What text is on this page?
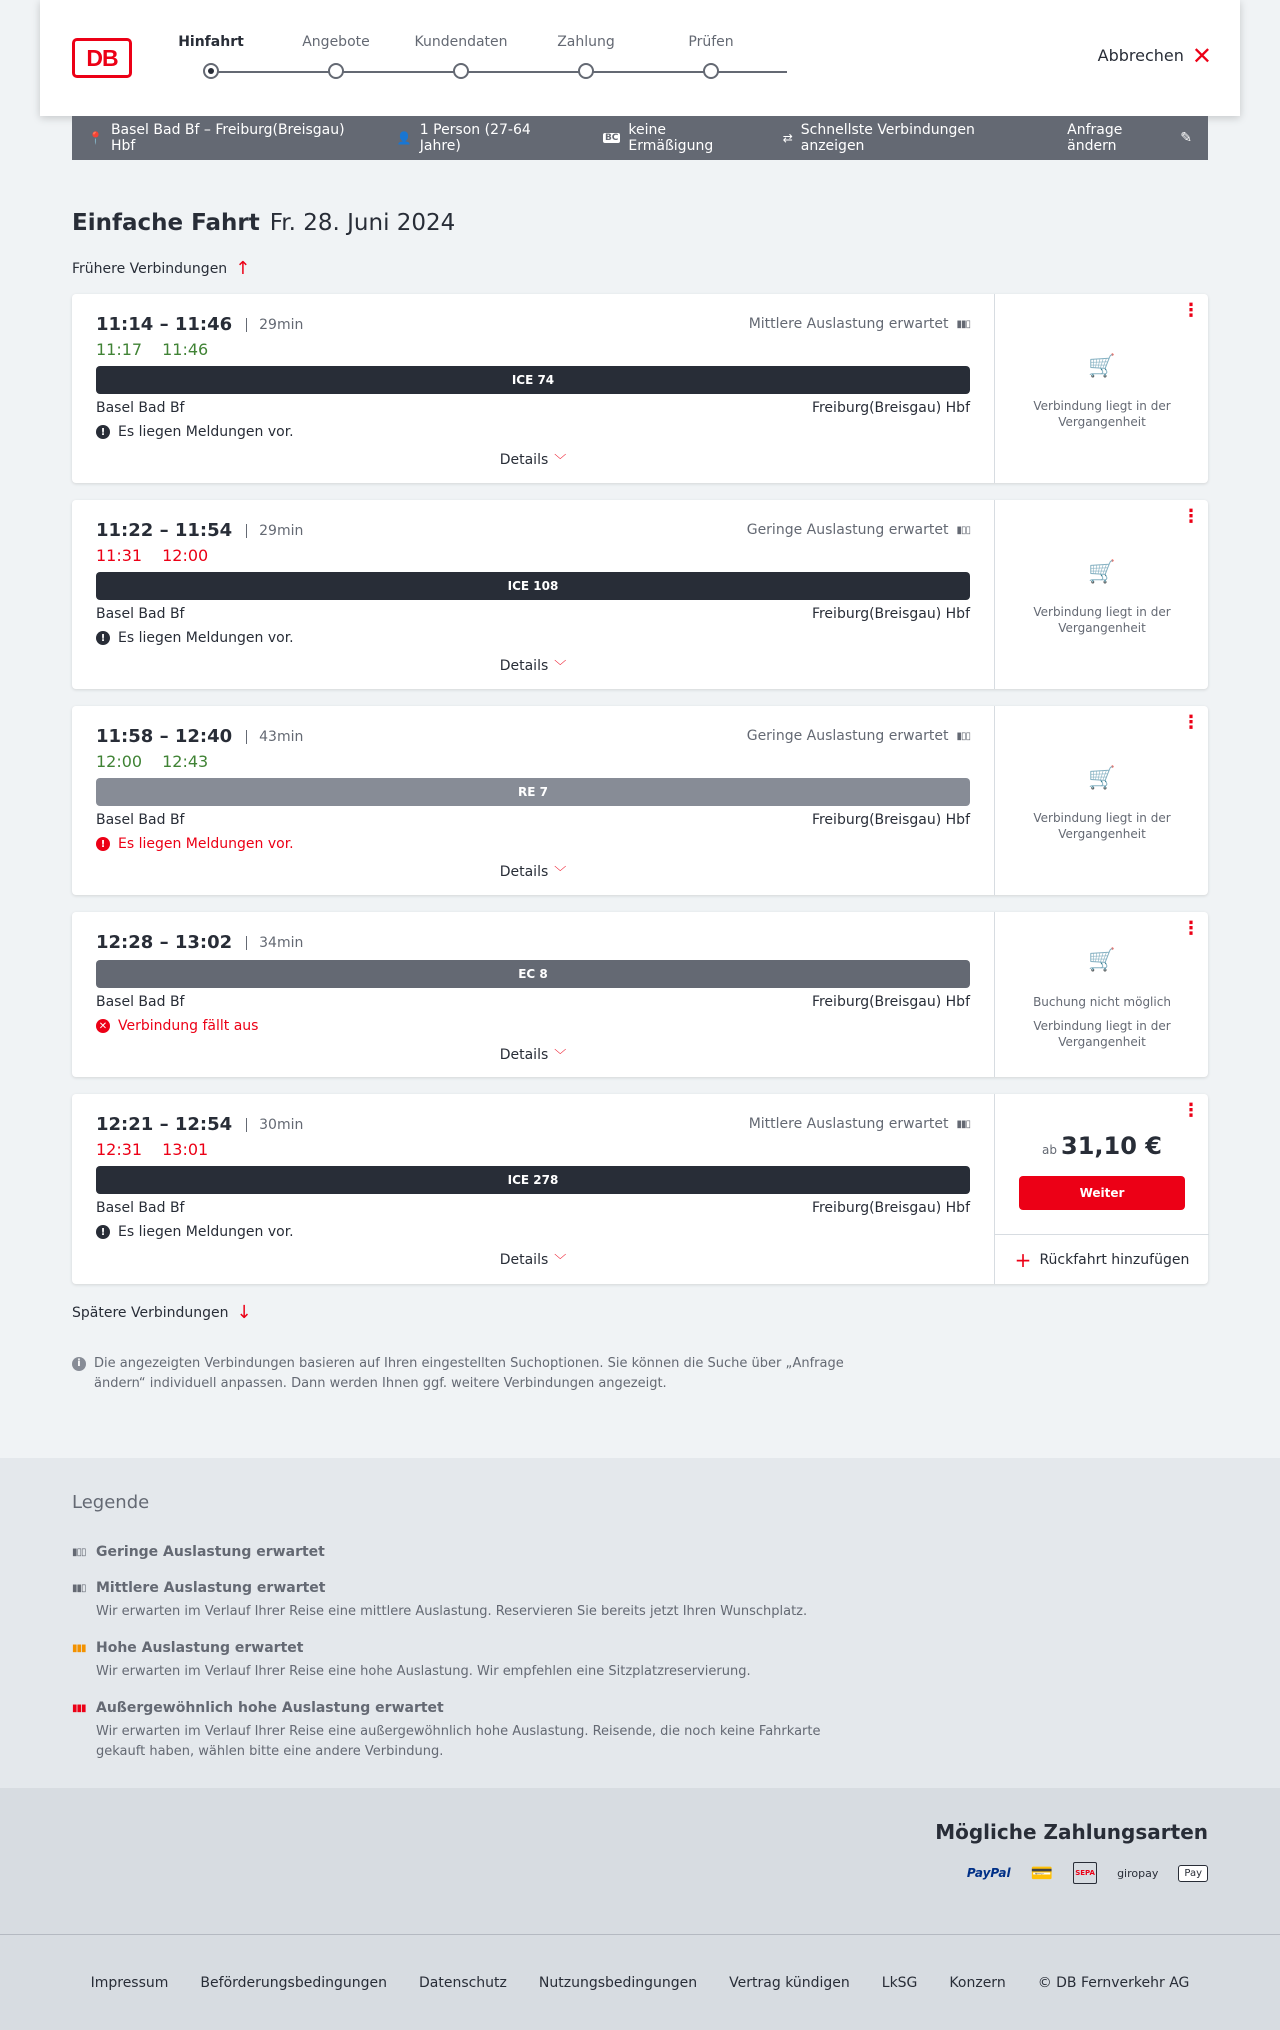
DB
Hinfahrt	Angebote	Kundendaten	Zahlung	Prüfen
Abbrechen ✕
📍 Basel Bad Bf – Freiburg(Breisgau) Hbf	👤 1 Person (27-64 Jahre)	BC keine Ermäßigung	⇄ Schnellste Verbindungen anzeigen
Anfrage ändern	✎
Einfache Fahrt Fr. 28. Juni 2024
Frühere Verbindungen ↑
11:14 – 11:46	29min
11:17 11:46
Mittlere Auslastung erwartet ▮▮▯
ICE 74
Basel Bad Bf	Freiburg(Breisgau) Hbf
! Es liegen Meldungen vor.
Details ﹀
⋮
🛒
Verbindung liegt in der Vergangenheit
11:22 – 11:54	29min
11:31 12:00
Geringe Auslastung erwartet ▮▯▯
ICE 108
Basel Bad Bf	Freiburg(Breisgau) Hbf
! Es liegen Meldungen vor.
Details ﹀
⋮
🛒
Verbindung liegt in der Vergangenheit
11:58 – 12:40	43min
12:00 12:43
Geringe Auslastung erwartet ▮▯▯
RE 7
Basel Bad Bf	Freiburg(Breisgau) Hbf
! Es liegen Meldungen vor.
Details ﹀
⋮
🛒
Verbindung liegt in der Vergangenheit
12:28 – 13:02	34min
EC 8
Basel Bad Bf	Freiburg(Breisgau) Hbf
✕ Verbindung fällt aus
Details ﹀
⋮
🛒
Buchung nicht möglich
Verbindung liegt in der Vergangenheit
12:21 – 12:54	30min
12:31 13:01
Mittlere Auslastung erwartet ▮▮▯
ICE 278
Basel Bad Bf	Freiburg(Breisgau) Hbf
! Es liegen Meldungen vor.
Details ﹀
⋮
ab 31,10 €
Weiter
+ Rückfahrt hinzufügen
Spätere Verbindungen ↓
i	Die angezeigten Verbindungen basieren auf Ihren eingestellten Suchoptionen. Sie können die Suche über „Anfrage ändern“ individuell anpassen. Dann werden Ihnen ggf. weitere Verbindungen angezeigt.
Legende
▮▯▯ Geringe Auslastung erwartet
▮▮▯ Mittlere Auslastung erwartet
Wir erwarten im Verlauf Ihrer Reise eine mittlere Auslastung. Reservieren Sie bereits jetzt Ihren Wunschplatz.
▮▮▮ Hohe Auslastung erwartet
Wir erwarten im Verlauf Ihrer Reise eine hohe Auslastung. Wir empfehlen eine Sitzplatzreservierung.
▮▮▮ Außergewöhnlich hohe Auslastung erwartet
Wir erwarten im Verlauf Ihrer Reise eine außergewöhnlich hohe Auslastung. Reisende, die noch keine Fahrkarte gekauft haben, wählen bitte eine andere Verbindung.
Mögliche Zahlungsarten
PayPal 💳	SEPA giropay	Pay
Impressum Beförderungsbedingungen Datenschutz Nutzungsbedingungen Vertrag kündigen LkSG Konzern © DB Fernverkehr AG
